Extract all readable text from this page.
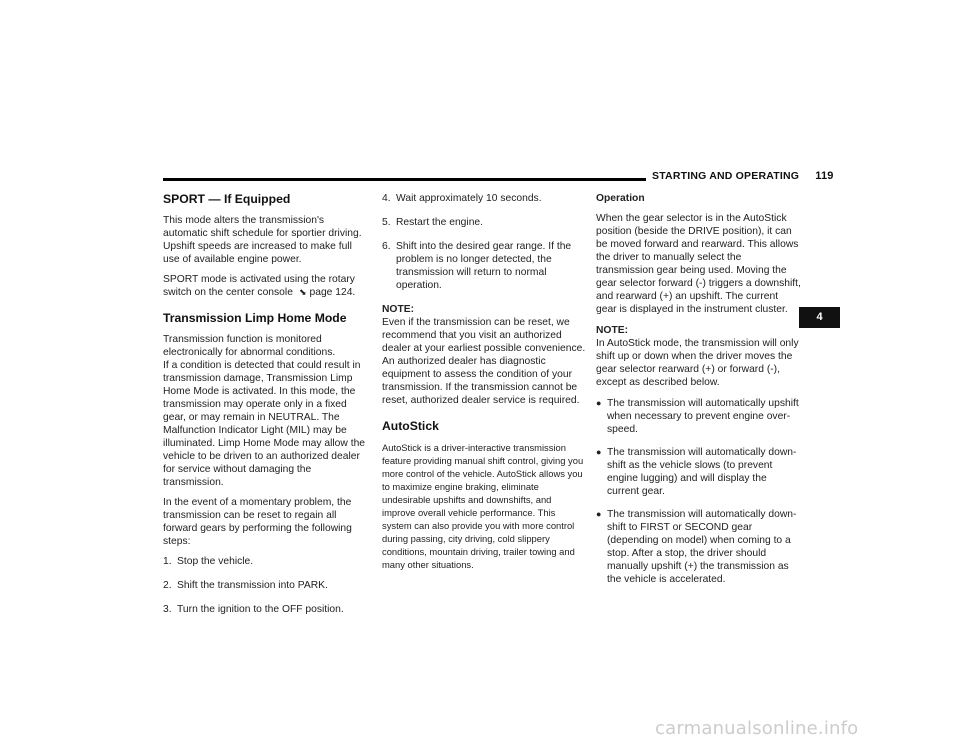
STARTING AND OPERATING 119
SPORT — If Equipped

This mode alters the transmission's automatic shift schedule for sportier driving. Upshift speeds are increased to make full use of available engine power.

SPORT mode is activated using the rotary switch on the center console ⬊ page 124.

Transmission Limp Home Mode

Transmission function is monitored electronically for abnormal conditions.

If a condition is detected that could result in transmission damage, Transmission Limp Home Mode is activated. In this mode, the transmission may operate only in a fixed gear, or may remain in NEUTRAL. The Malfunction Indicator Light (MIL) may be illuminated. Limp Home Mode may allow the vehicle to be driven to an authorized dealer for service without damaging the transmission.

In the event of a momentary problem, the transmission can be reset to regain all forward gears by performing the following steps:

1. Stop the vehicle.
2. Shift the transmission into PARK.
3. Turn the ignition to the OFF position.
4. Wait approximately 10 seconds.
5. Restart the engine.
6. Shift into the desired gear range. If the problem is no longer detected, the transmission will return to normal operation.
NOTE:

Even if the transmission can be reset, we recommend that you visit an authorized dealer at your earliest possible convenience. An authorized dealer has diagnostic equipment to assess the condition of your transmission. If the transmission cannot be reset, authorized dealer service is required.

AutoStick

AutoStick is a driver-interactive transmission feature providing manual shift control, giving you more control of the vehicle. AutoStick allows you to maximize engine braking, eliminate undesirable upshifts and downshifts, and improve overall vehicle performance. This system can also provide you with more control during passing, city driving, cold slippery conditions, mountain driving, trailer towing and many other situations.

Operation

When the gear selector is in the AutoStick position (beside the DRIVE position), it can be moved forward and rearward. This allows the driver to manually select the transmission gear being used. Moving the gear selector forward (-) triggers a downshift, and rearward (+) an upshift. The current gear is displayed in the instrument cluster.

NOTE:

In AutoStick mode, the transmission will only shift up or down when the driver moves the gear selector rearward (+) or forward (-), except as described below.

● The transmission will automatically upshift when necessary to prevent engine over-speed.
● The transmission will automatically down-shift as the vehicle slows (to prevent engine lugging) and will display the current gear.
● The transmission will automatically down-shift to FIRST or SECOND gear (depending on model) when coming to a stop. After a stop, the driver should manually upshift (+) the transmission as the vehicle is accelerated.
4
carmanualsonline.info
